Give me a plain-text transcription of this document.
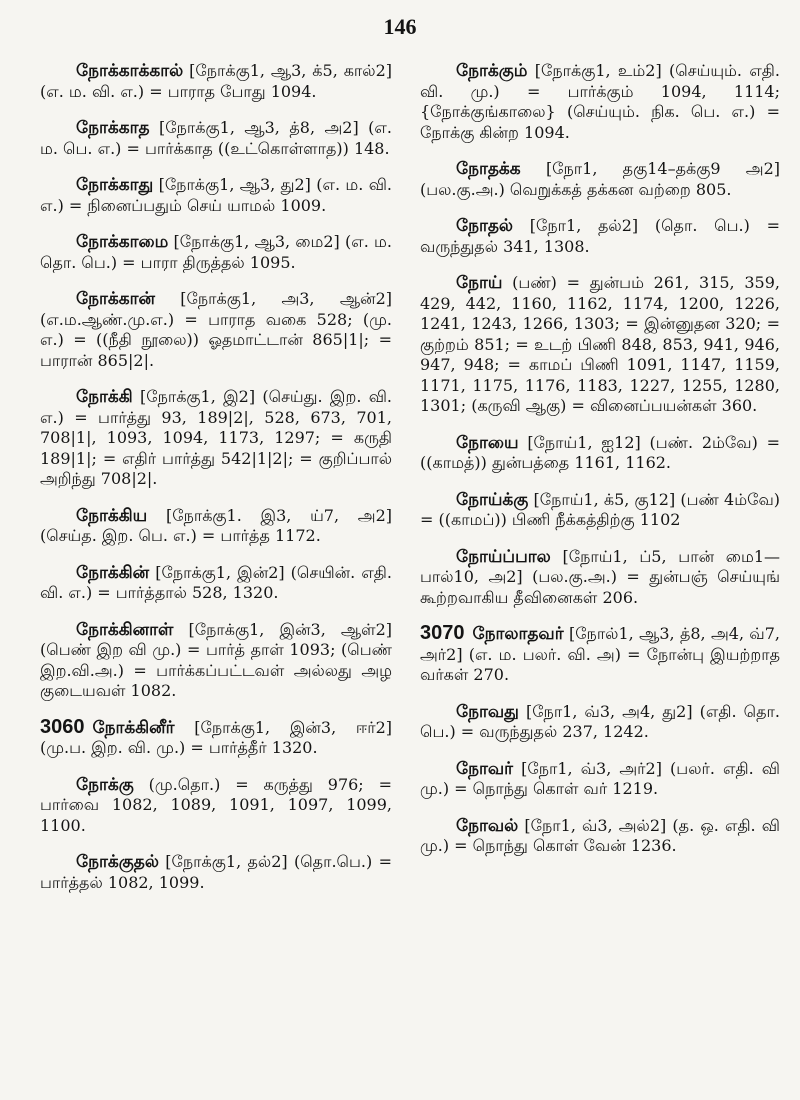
146

நோக்காக்கால் [நோக்கு1, ஆ3, க்5, கால்2] (எ. ம. வி. எ.) = பாராத போது 1094.

நோக்காத [நோக்கு1, ஆ3, த்8, அ2] (எ. ம. பெ. எ.) = பார்க்காத ((உட்கொள்ளாத)) 148.

நோக்காது [நோக்கு1, ஆ3, து2] (எ. ம. வி. எ.) = நினைப்பதும் செய் யாமல் 1009.

நோக்காமை [நோக்கு1, ஆ3, மை2] (எ. ம. தொ. பெ.) = பாரா திருத்தல் 1095.

நோக்கான் [நோக்கு1, அ3, ஆன்2] (எ.ம.ஆண்.மு.எ.) = பாராத வகை 528; (மு. எ.) = ((நீதி நூலை)) ஓதமாட்டான் 865|1|; = பாரான் 865|2|.

நோக்கி [நோக்கு1, இ2] (செய்து. இற. வி. எ.) = பார்த்து 93, 189|2|, 528, 673, 701, 708|1|, 1093, 1094, 1173, 1297; = கருதி 189|1|; = எதிர் பார்த்து 542|1|2|; = குறிப்பால் அறிந்து 708|2|.

நோக்கிய [நோக்கு1. இ3, ய்7, அ2] (செய்த. இற. பெ. எ.) = பார்த்த 1172.

நோக்கின் [நோக்கு1, இன்2] (செயின். எதி. வி. எ.) = பார்த்தால் 528, 1320.

நோக்கினாள் [நோக்கு1, இன்3, ஆள்2] (பெண் இற வி மு.) = பார்த் தாள் 1093; (பெண் இற.வி.அ.) = பார்க்கப்பட்டவள் அல்லது அழ குடையவள் 1082.

3060 நோக்கினீர் [நோக்கு1, இன்3, ஈர்2] (மு.ப. இற. வி. மு.) = பார்த்தீர் 1320.

நோக்கு (மு.தொ.) = கருத்து 976; = பார்வை 1082, 1089, 1091, 1097, 1099, 1100.

நோக்குதல் [நோக்கு1, தல்2] (தொ.பெ.) = பார்த்தல் 1082, 1099.

நோக்கும் [நோக்கு1, உம்2] (செய்யும். எதி. வி. மு.) = பார்க்கும் 1094, 1114; {நோக்குங்காலை} (செய்யும். நிக. பெ. எ.) = நோக்கு கின்ற 1094.

நோதக்க [நோ1, தகு14–தக்கு9 அ2] (பல.கு.அ.) வெறுக்கத் தக்கன வற்றை 805.

நோதல் [நோ1, தல்2] (தொ. பெ.) = வருந்துதல் 341, 1308.

நோய் (பண்) = துன்பம் 261, 315, 359, 429, 442, 1160, 1162, 1174, 1200, 1226, 1241, 1243, 1266, 1303; = இன்னுதன 320; = குற்றம் 851; = உடற் பிணி 848, 853, 941, 946, 947, 948; = காமப் பிணி 1091, 1147, 1159, 1171, 1175, 1176, 1183, 1227, 1255, 1280, 1301; (கருவி ஆகு) = வினைப்பயன்கள் 360.

நோயை [நோய்1, ஐ12] (பண். 2ம்வே) = ((காமத்)) துன்பத்தை 1161, 1162.

நோய்க்கு [நோய்1, க்5, கு12] (பண் 4ம்வே) = ((காமப்)) பிணி நீக்கத்திற்கு 1102

நோய்ப்பால [நோய்1, ப்5, பான் மை1—பால்10, அ2] (பல.கு.அ.) = துன்பஞ் செய்யுங் கூற்றவாகிய தீவினைகள் 206.

3070 நோலாதவர் [நோல்1, ஆ3, த்8, அ4, வ்7, அர்2] (எ. ம. பலர். வி. அ) = நோன்பு இயற்றாத வர்கள் 270.

நோவது [நோ1, வ்3, அ4, து2] (எதி. தொ. பெ.) = வருந்துதல் 237, 1242.

நோவர் [நோ1, வ்3, அர்2] (பலர். எதி. வி மு.) = நொந்து கொள் வர் 1219.

நோவல் [நோ1, வ்3, அல்2] (த. ஒ. எதி. வி மு.) = நொந்து கொள் வேன் 1236.
